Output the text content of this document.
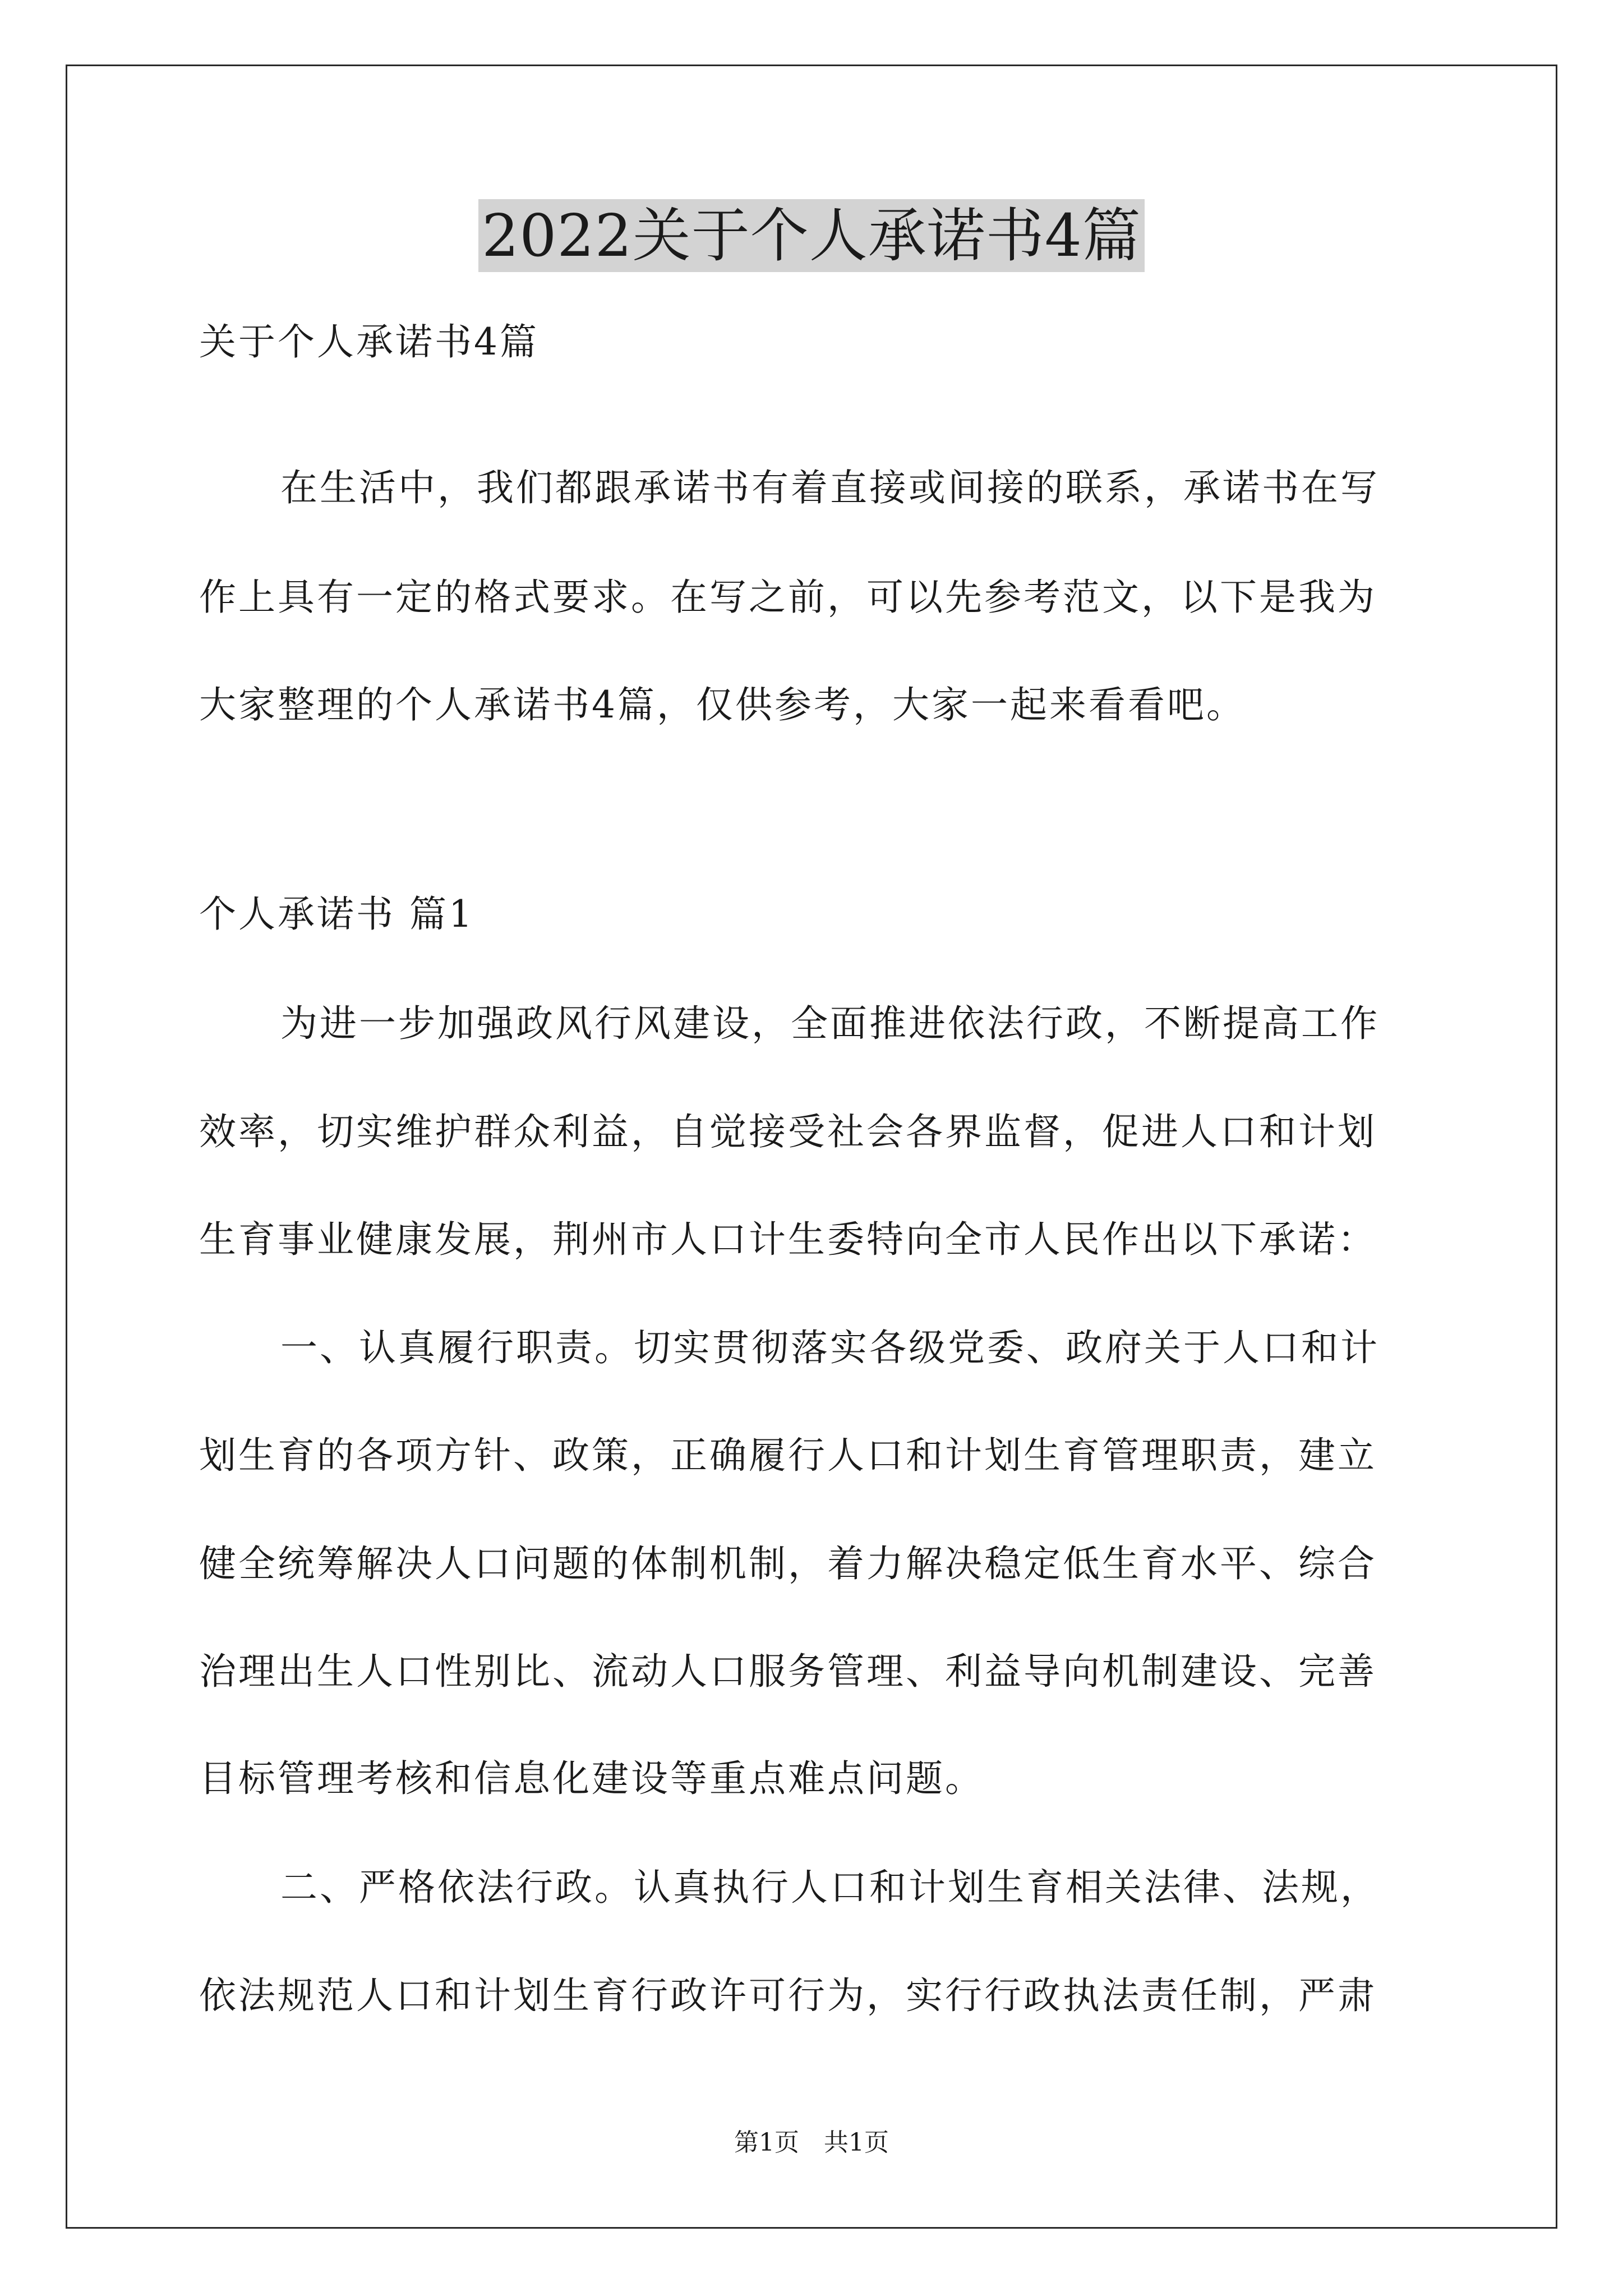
2022关于个人承诺书4篇
关于个人承诺书4篇
在生活中，我们都跟承诺书有着直接或间接的联系，承诺书在写
作上具有一定的格式要求。在写之前，可以先参考范文，以下是我为
大家整理的个人承诺书4篇，仅供参考，大家一起来看看吧。
个人承诺书 篇1
为进一步加强政风行风建设，全面推进依法行政，不断提高工作
效率，切实维护群众利益，自觉接受社会各界监督，促进人口和计划
生育事业健康发展，荆州市人口计生委特向全市人民作出以下承诺：
一、认真履行职责。切实贯彻落实各级党委、政府关于人口和计
划生育的各项方针、政策，正确履行人口和计划生育管理职责，建立
健全统筹解决人口问题的体制机制，着力解决稳定低生育水平、综合
治理出生人口性别比、流动人口服务管理、利益导向机制建设、完善
目标管理考核和信息化建设等重点难点问题。
二、严格依法行政。认真执行人口和计划生育相关法律、法规，
依法规范人口和计划生育行政许可行为，实行行政执法责任制，严肃
第1页　共1页
